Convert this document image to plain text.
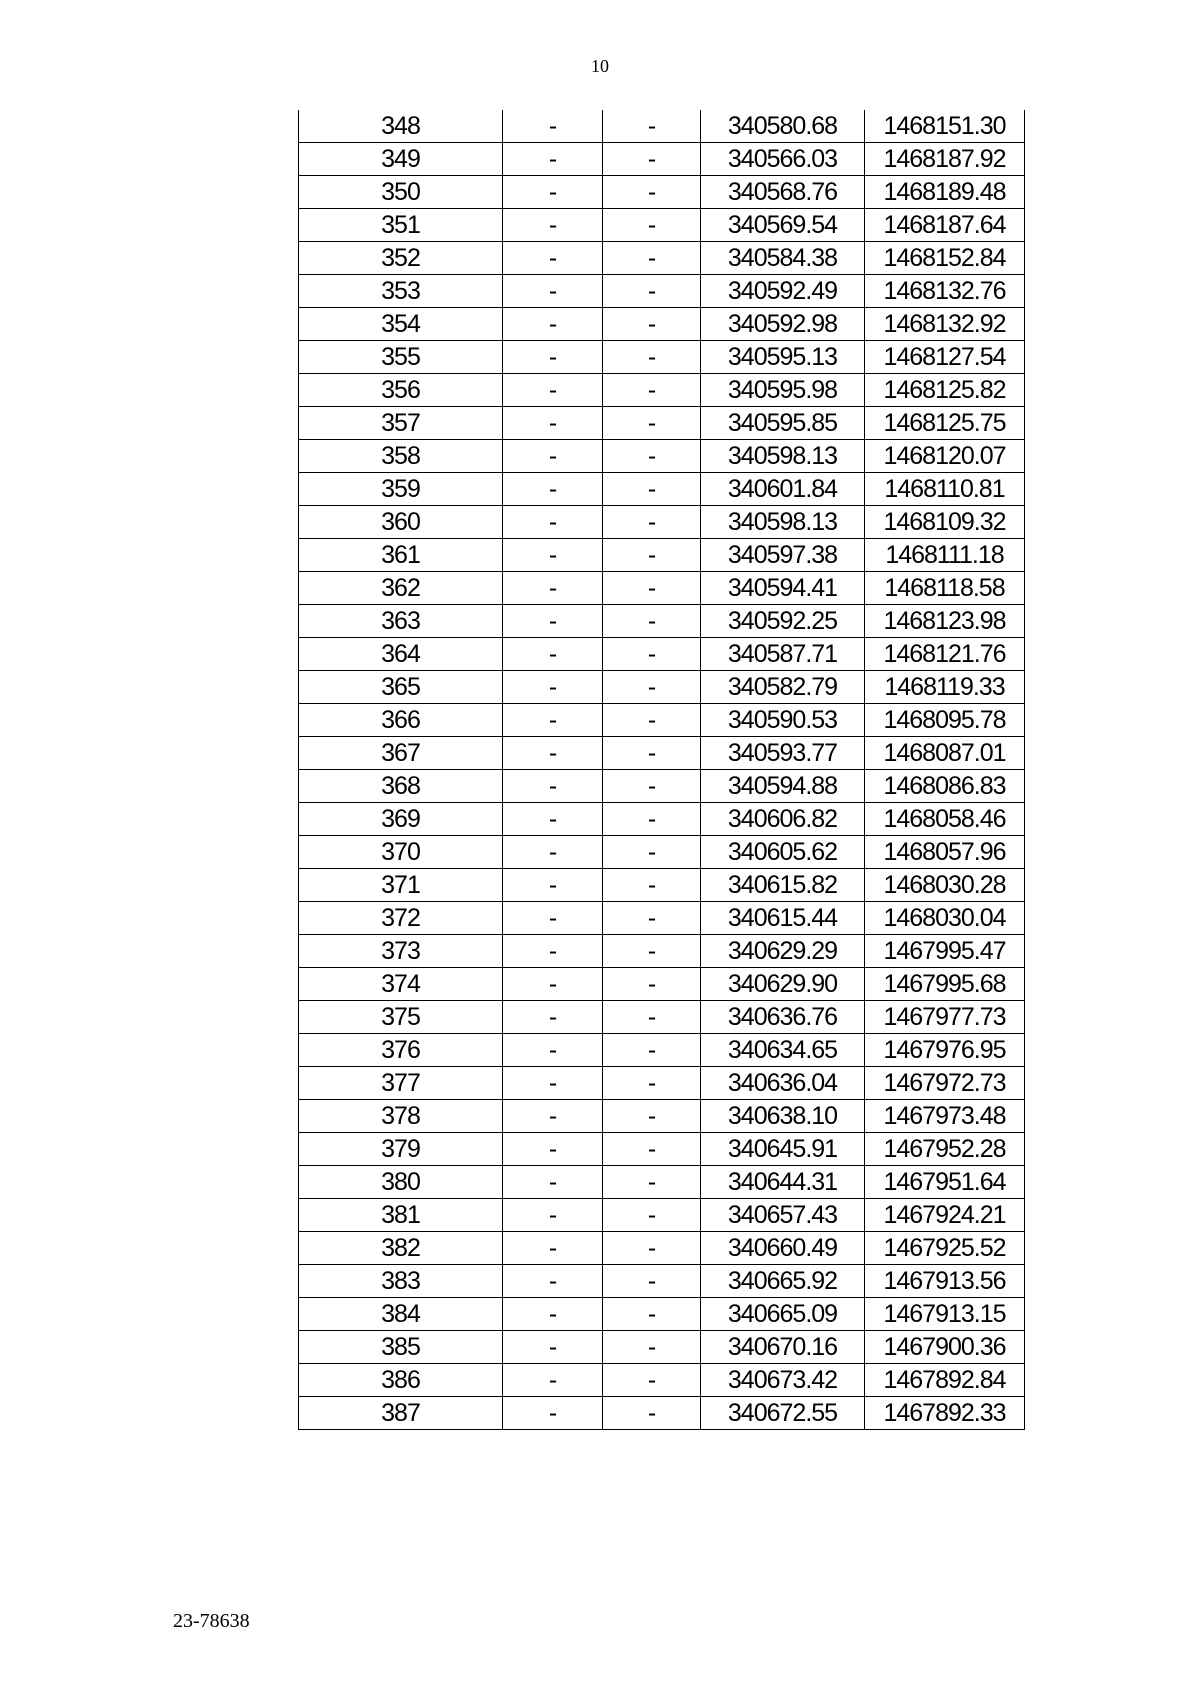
10
348	-	-	340580.68	1468151.30
349	-	-	340566.03	1468187.92
350	-	-	340568.76	1468189.48
351	-	-	340569.54	1468187.64
352	-	-	340584.38	1468152.84
353	-	-	340592.49	1468132.76
354	-	-	340592.98	1468132.92
355	-	-	340595.13	1468127.54
356	-	-	340595.98	1468125.82
357	-	-	340595.85	1468125.75
358	-	-	340598.13	1468120.07
359	-	-	340601.84	1468110.81
360	-	-	340598.13	1468109.32
361	-	-	340597.38	1468111.18
362	-	-	340594.41	1468118.58
363	-	-	340592.25	1468123.98
364	-	-	340587.71	1468121.76
365	-	-	340582.79	1468119.33
366	-	-	340590.53	1468095.78
367	-	-	340593.77	1468087.01
368	-	-	340594.88	1468086.83
369	-	-	340606.82	1468058.46
370	-	-	340605.62	1468057.96
371	-	-	340615.82	1468030.28
372	-	-	340615.44	1468030.04
373	-	-	340629.29	1467995.47
374	-	-	340629.90	1467995.68
375	-	-	340636.76	1467977.73
376	-	-	340634.65	1467976.95
377	-	-	340636.04	1467972.73
378	-	-	340638.10	1467973.48
379	-	-	340645.91	1467952.28
380	-	-	340644.31	1467951.64
381	-	-	340657.43	1467924.21
382	-	-	340660.49	1467925.52
383	-	-	340665.92	1467913.56
384	-	-	340665.09	1467913.15
385	-	-	340670.16	1467900.36
386	-	-	340673.42	1467892.84
387	-	-	340672.55	1467892.33
23-78638
